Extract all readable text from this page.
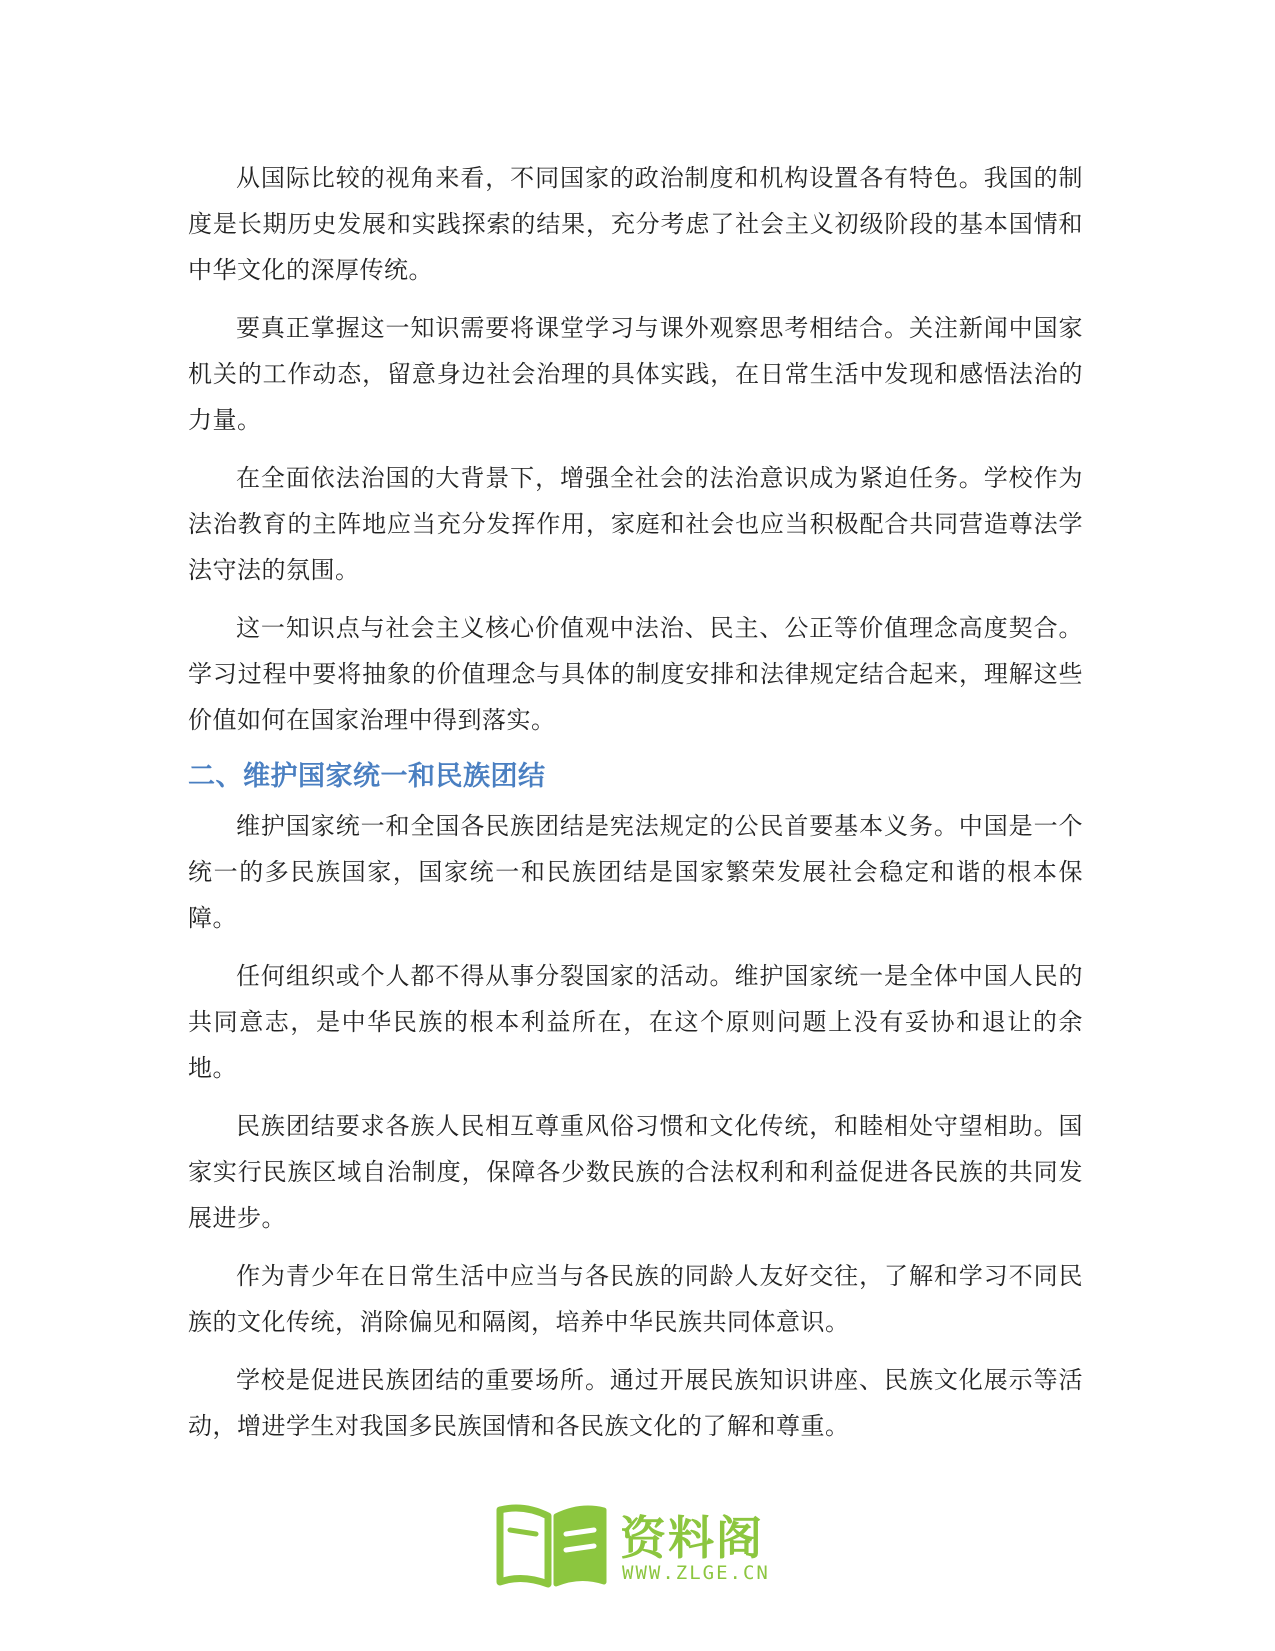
从国际比较的视角来看，不同国家的政治制度和机构设置各有特色。我国的制度是长期历史发展和实践探索的结果，充分考虑了社会主义初级阶段的基本国情和中华文化的深厚传统。

要真正掌握这一知识需要将课堂学习与课外观察思考相结合。关注新闻中国家机关的工作动态，留意身边社会治理的具体实践，在日常生活中发现和感悟法治的力量。

在全面依法治国的大背景下，增强全社会的法治意识成为紧迫任务。学校作为法治教育的主阵地应当充分发挥作用，家庭和社会也应当积极配合共同营造尊法学法守法的氛围。

这一知识点与社会主义核心价值观中法治、民主、公正等价值理念高度契合。学习过程中要将抽象的价值理念与具体的制度安排和法律规定结合起来，理解这些价值如何在国家治理中得到落实。

二、维护国家统一和民族团结

维护国家统一和全国各民族团结是宪法规定的公民首要基本义务。中国是一个统一的多民族国家，国家统一和民族团结是国家繁荣发展社会稳定和谐的根本保障。

任何组织或个人都不得从事分裂国家的活动。维护国家统一是全体中国人民的共同意志，是中华民族的根本利益所在，在这个原则问题上没有妥协和退让的余地。

民族团结要求各族人民相互尊重风俗习惯和文化传统，和睦相处守望相助。国家实行民族区域自治制度，保障各少数民族的合法权利和利益促进各民族的共同发展进步。

作为青少年在日常生活中应当与各民族的同龄人友好交往，了解和学习不同民族的文化传统，消除偏见和隔阂，培养中华民族共同体意识。

学校是促进民族团结的重要场所。通过开展民族知识讲座、民族文化展示等活动，增进学生对我国多民族国情和各民族文化的了解和尊重。

资料阁
WWW.ZLGE.CN
